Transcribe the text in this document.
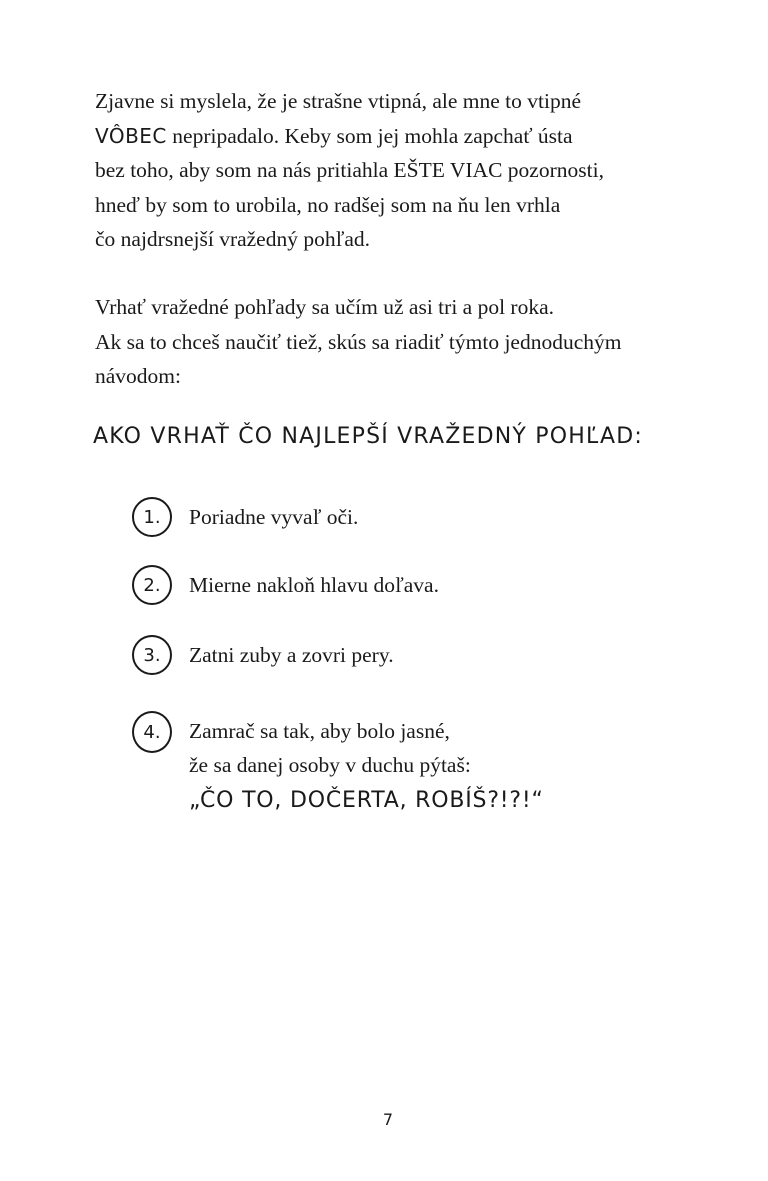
Zjavne si myslela, že je strašne vtipná, ale mne to vtipné
VÔBEC nepripadalo. Keby som jej mohla zapchať ústa
bez toho, aby som na nás pritiahla EŠTE VIAC pozornosti,
hneď by som to urobila, no radšej som na ňu len vrhla
čo najdrsnejší vražedný pohľad.

Vrhať vražedné pohľady sa učím už asi tri a pol roka.
Ak sa to chceš naučiť tiež, skús sa riadiť týmto jednoduchým
návodom:

AKO VRHAŤ ČO NAJLEPŠÍ VRAŽEDNÝ POHĽAD:
1.	Poriadne vyvaľ oči.
2.	Mierne nakloň hlavu doľava.
3.	Zatni zuby a zovri pery.
4.	Zamrač sa tak, aby bolo jasné,
že sa danej osoby v duchu pýtaš:
„ČO TO, DOČERTA, ROBÍŠ?!?!“
7
